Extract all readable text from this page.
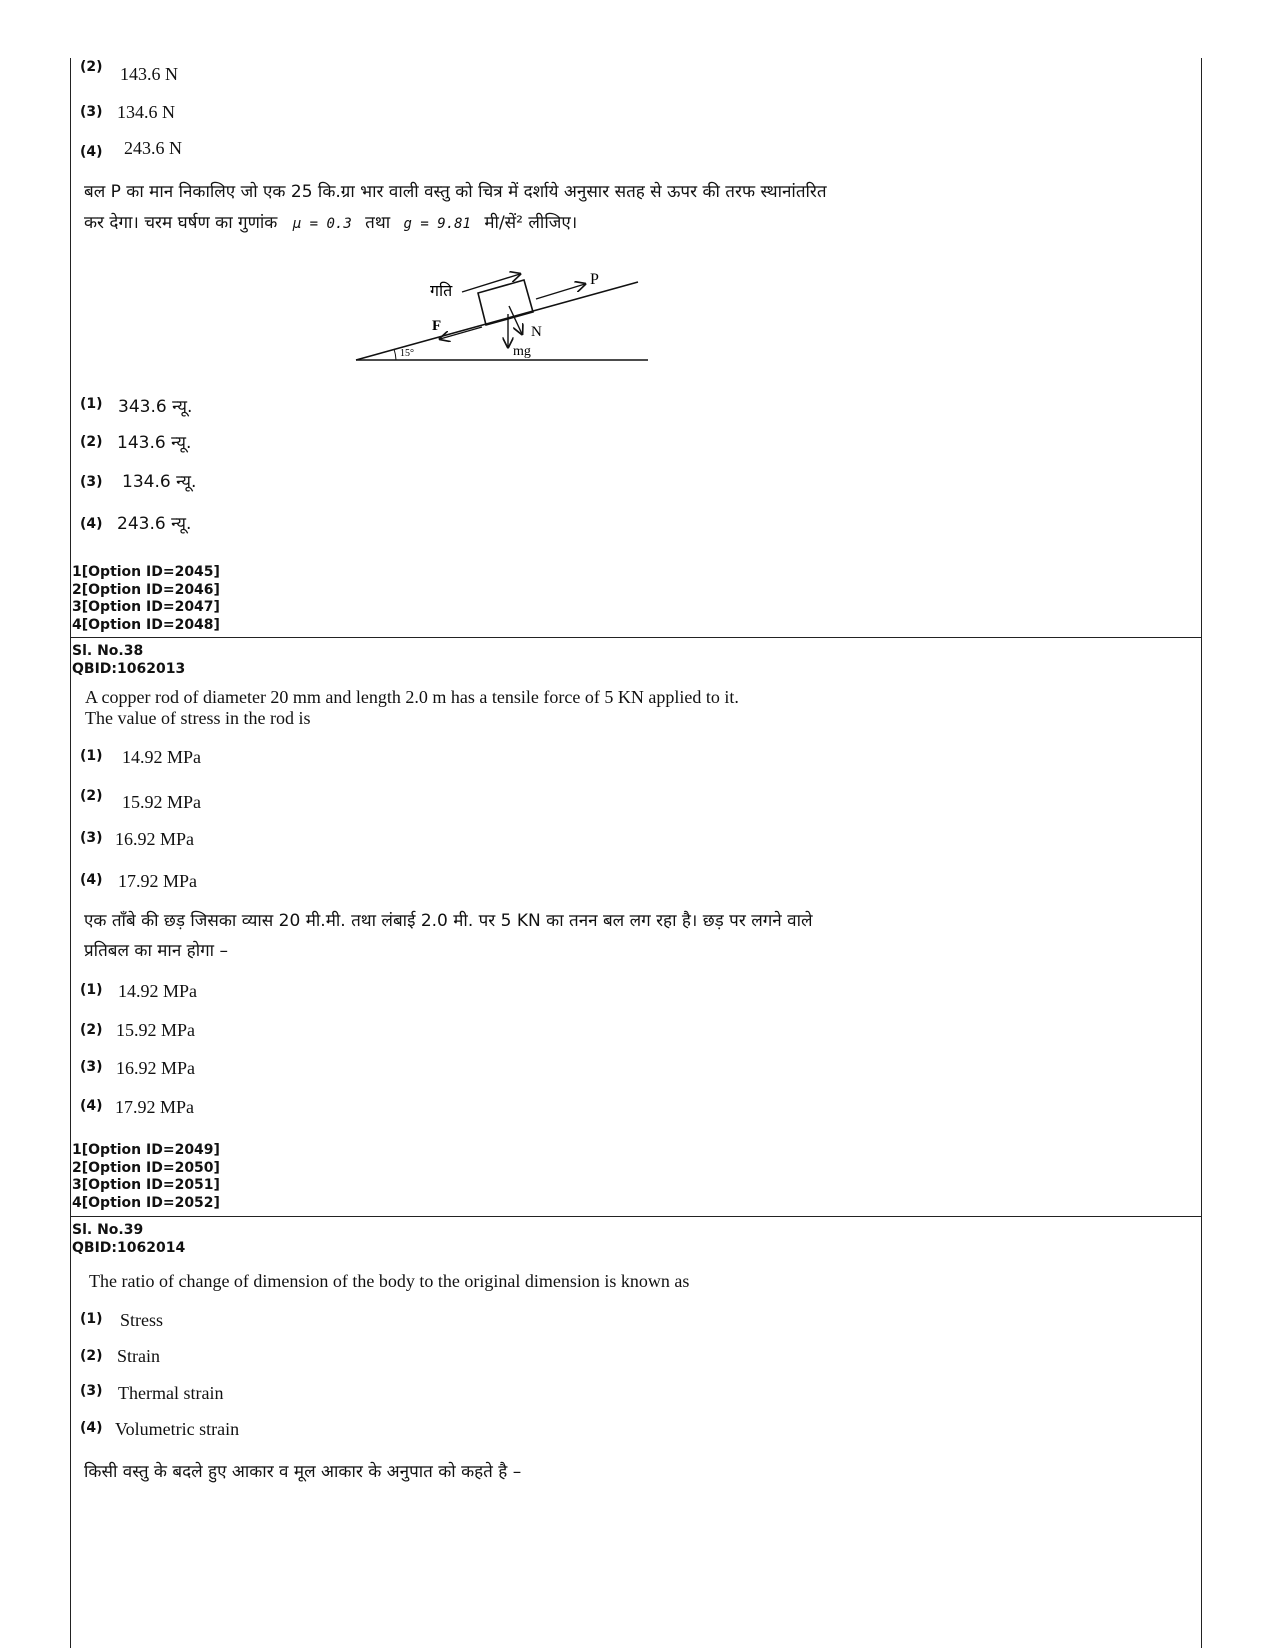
(2) 143.6 N
(3) 134.6 N
(4) 243.6 N
बल P का मान निकालिए जो एक 25 कि.ग्रा भार वाली वस्तु को चित्र में दर्शाये अनुसार सतह से ऊपर की तरफ स्थानांतरित
कर देगा। चरम घर्षण का गुणांक μ = 0.3 तथा g = 9.81 मी/सें² लीजिए।
गति
P
F	N
mg
15°
(1) 343.6 न्यू.
(2) 143.6 न्यू.
(3) 134.6 न्यू.
(4) 243.6 न्यू.
1[Option ID=2045]
2[Option ID=2046]
3[Option ID=2047]
4[Option ID=2048]
Sl. No.38
QBID:1062013
A copper rod of diameter 20 mm and length 2.0 m has a tensile force of 5 KN applied to it.
The value of stress in the rod is
(1) 14.92 MPa
(2) 15.92 MPa
(3) 16.92 MPa
(4) 17.92 MPa
एक ताँबे की छड़ जिसका व्यास 20 मी.मी. तथा लंबाई 2.0 मी. पर 5 KN का तनन बल लग रहा है। छड़ पर लगने वाले
प्रतिबल का मान होगा –
(1) 14.92 MPa
(2) 15.92 MPa
(3) 16.92 MPa
(4) 17.92 MPa
1[Option ID=2049]
2[Option ID=2050]
3[Option ID=2051]
4[Option ID=2052]
Sl. No.39
QBID:1062014
The ratio of change of dimension of the body to the original dimension is known as
(1) Stress
(2) Strain
(3) Thermal strain
(4) Volumetric strain
किसी वस्तु के बदले हुए आकार व मूल आकार के अनुपात को कहते है –
